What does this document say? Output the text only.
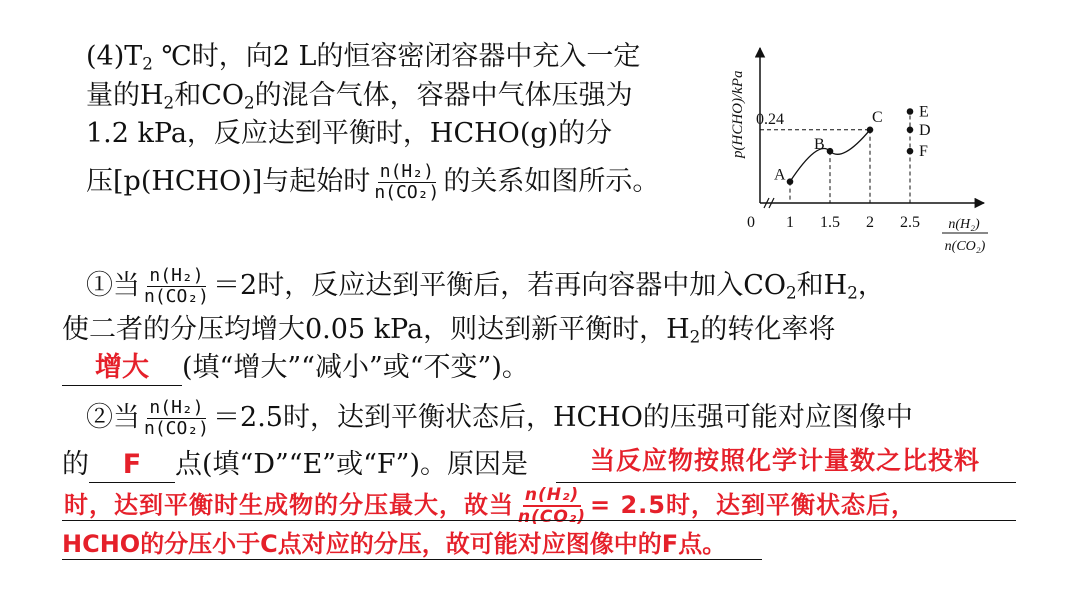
$(4)T_2$ ℃时，向2 L的恒容密闭容器中充入一定
量的$H_2$和$CO_2$的混合气体，容器中气体压强为
1.2 kPa，反应达到平衡时，HCHO(g)的分
压[p(HCHO)]与起始时 $\frac{\text{n(H₂)}}{\text{n(CO₂)}}$ 的关系如图所示。
p(HCHO)/kPa 0.24
0 1 1.5 2 2.5 n(H₂)
n(CO₂)
A
B
C E
D
F
①当 $\frac{\text{n(H₂)}}{\text{n(CO₂)}} =2$时，反应达到平衡后，若再向容器中加入$CO_2$和$H_2$，
使二者的分压均增大0.05 kPa，则达到新平衡时，$H_2$的转化率将
增大 (填“增大”“减小”或“不变”)。
②当 $\frac{\text{n(H₂)}}{\text{n(CO₂)}} =2.5$时，达到平衡状态后，HCHO的压强可能对应图像中
的 F 点(填“D”“E”或“F”)。原因是 当反应物按照化学计量数之比投料
时，达到平衡时生成物的分压最大，故当 $\frac{\text{n(H₂)}}{\text{n(CO₂)}} = 2.5$时，达到平衡状态后，
HCHO的分压小于C点对应的分压，故可能对应图像中的F点。
